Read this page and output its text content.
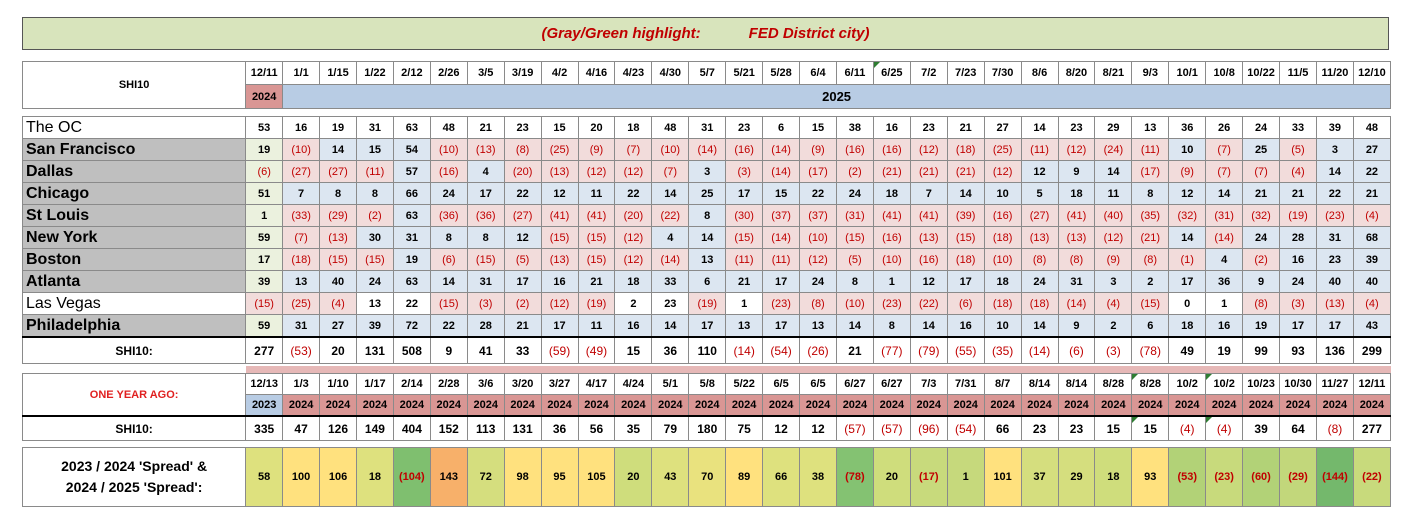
(Gray/Green highlight:	FED District city)
SHI10	12/11	1/1	1/15	1/22	2/12	2/26	3/5	3/19	4/2	4/16	4/23	4/30	5/7	5/21	5/28	6/4	6/11	6/25	7/2	7/23	7/30	8/6	8/20	8/21	9/3	10/1	10/8	10/22	11/5	11/20	12/10
	2024	2025																													

The OC	53	16	19	31	63	48	21	23	15	20	18	48	31	23	6	15	38	16	23	21	27	14	23	29	13	36	26	24	33	39	48
San Francisco	19	(10)	14	15	54	(10)	(13)	(8)	(25)	(9)	(7)	(10)	(14)	(16)	(14)	(9)	(16)	(16)	(12)	(18)	(25)	(11)	(12)	(24)	(11)	10	(7)	25	(5)	3	27
Dallas	(6)	(27)	(27)	(11)	57	(16)	4	(20)	(13)	(12)	(12)	(7)	3	(3)	(14)	(17)	(2)	(21)	(21)	(21)	(12)	12	9	14	(17)	(9)	(7)	(7)	(4)	14	22
Chicago	51	7	8	8	66	24	17	22	12	11	22	14	25	17	15	22	24	18	7	14	10	5	18	11	8	12	14	21	21	22	21
St Louis	1	(33)	(29)	(2)	63	(36)	(36)	(27)	(41)	(41)	(20)	(22)	8	(30)	(37)	(37)	(31)	(41)	(41)	(39)	(16)	(27)	(41)	(40)	(35)	(32)	(31)	(32)	(19)	(23)	(4)
New York	59	(7)	(13)	30	31	8	8	12	(15)	(15)	(12)	4	14	(15)	(14)	(10)	(15)	(16)	(13)	(15)	(18)	(13)	(13)	(12)	(21)	14	(14)	24	28	31	68
Boston	17	(18)	(15)	(15)	19	(6)	(15)	(5)	(13)	(15)	(12)	(14)	13	(11)	(11)	(12)	(5)	(10)	(16)	(18)	(10)	(8)	(8)	(9)	(8)	(1)	4	(2)	16	23	39
Atlanta	39	13	40	24	63	14	31	17	16	21	18	33	6	21	17	24	8	1	12	17	18	24	31	3	2	17	36	9	24	40	40
Las Vegas	(15)	(25)	(4)	13	22	(15)	(3)	(2)	(12)	(19)	2	23	(19)	1	(23)	(8)	(10)	(23)	(22)	(6)	(18)	(18)	(14)	(4)	(15)	0	1	(8)	(3)	(13)	(4)
Philadelphia	59	31	27	39	72	22	28	21	17	11	16	14	17	13	17	13	14	8	14	16	10	14	9	2	6	18	16	19	17	17	43
SHI10:	277	(53)	20	131	508	9	41	33	(59)	(49)	15	36	110	(14)	(54)	(26)	21	(77)	(79)	(55)	(35)	(14)	(6)	(3)	(78)	49	19	99	93	136	299

ONE YEAR AGO:	12/13	1/3	1/10	1/17	2/14	2/28	3/6	3/20	3/27	4/17	4/24	5/1	5/8	5/22	6/5	6/5	6/27	6/27	7/3	7/31	8/7	8/14	8/14	8/28	8/28	10/2	10/2	10/23	10/30	11/27	12/11
	2023	2024	2024	2024	2024	2024	2024	2024	2024	2024	2024	2024	2024	2024	2024	2024	2024	2024	2024	2024	2024	2024	2024	2024	2024	2024	2024	2024	2024	2024	2024
SHI10:	335	47	126	149	404	152	113	131	36	56	35	79	180	75	12	12	(57)	(57)	(96)	(54)	66	23	23	15	15	(4)	(4)	39	64	(8)	277
2023 / 2024 'Spread' &
2024 / 2025 'Spread':
	58	100	106	18	(104)	143	72	98	95	105	20	43	70	89	66	38	(78)	20	(17)	1	101	37	29	18	93	(53)	(23)	(60)	(29)	(144)	(22)
